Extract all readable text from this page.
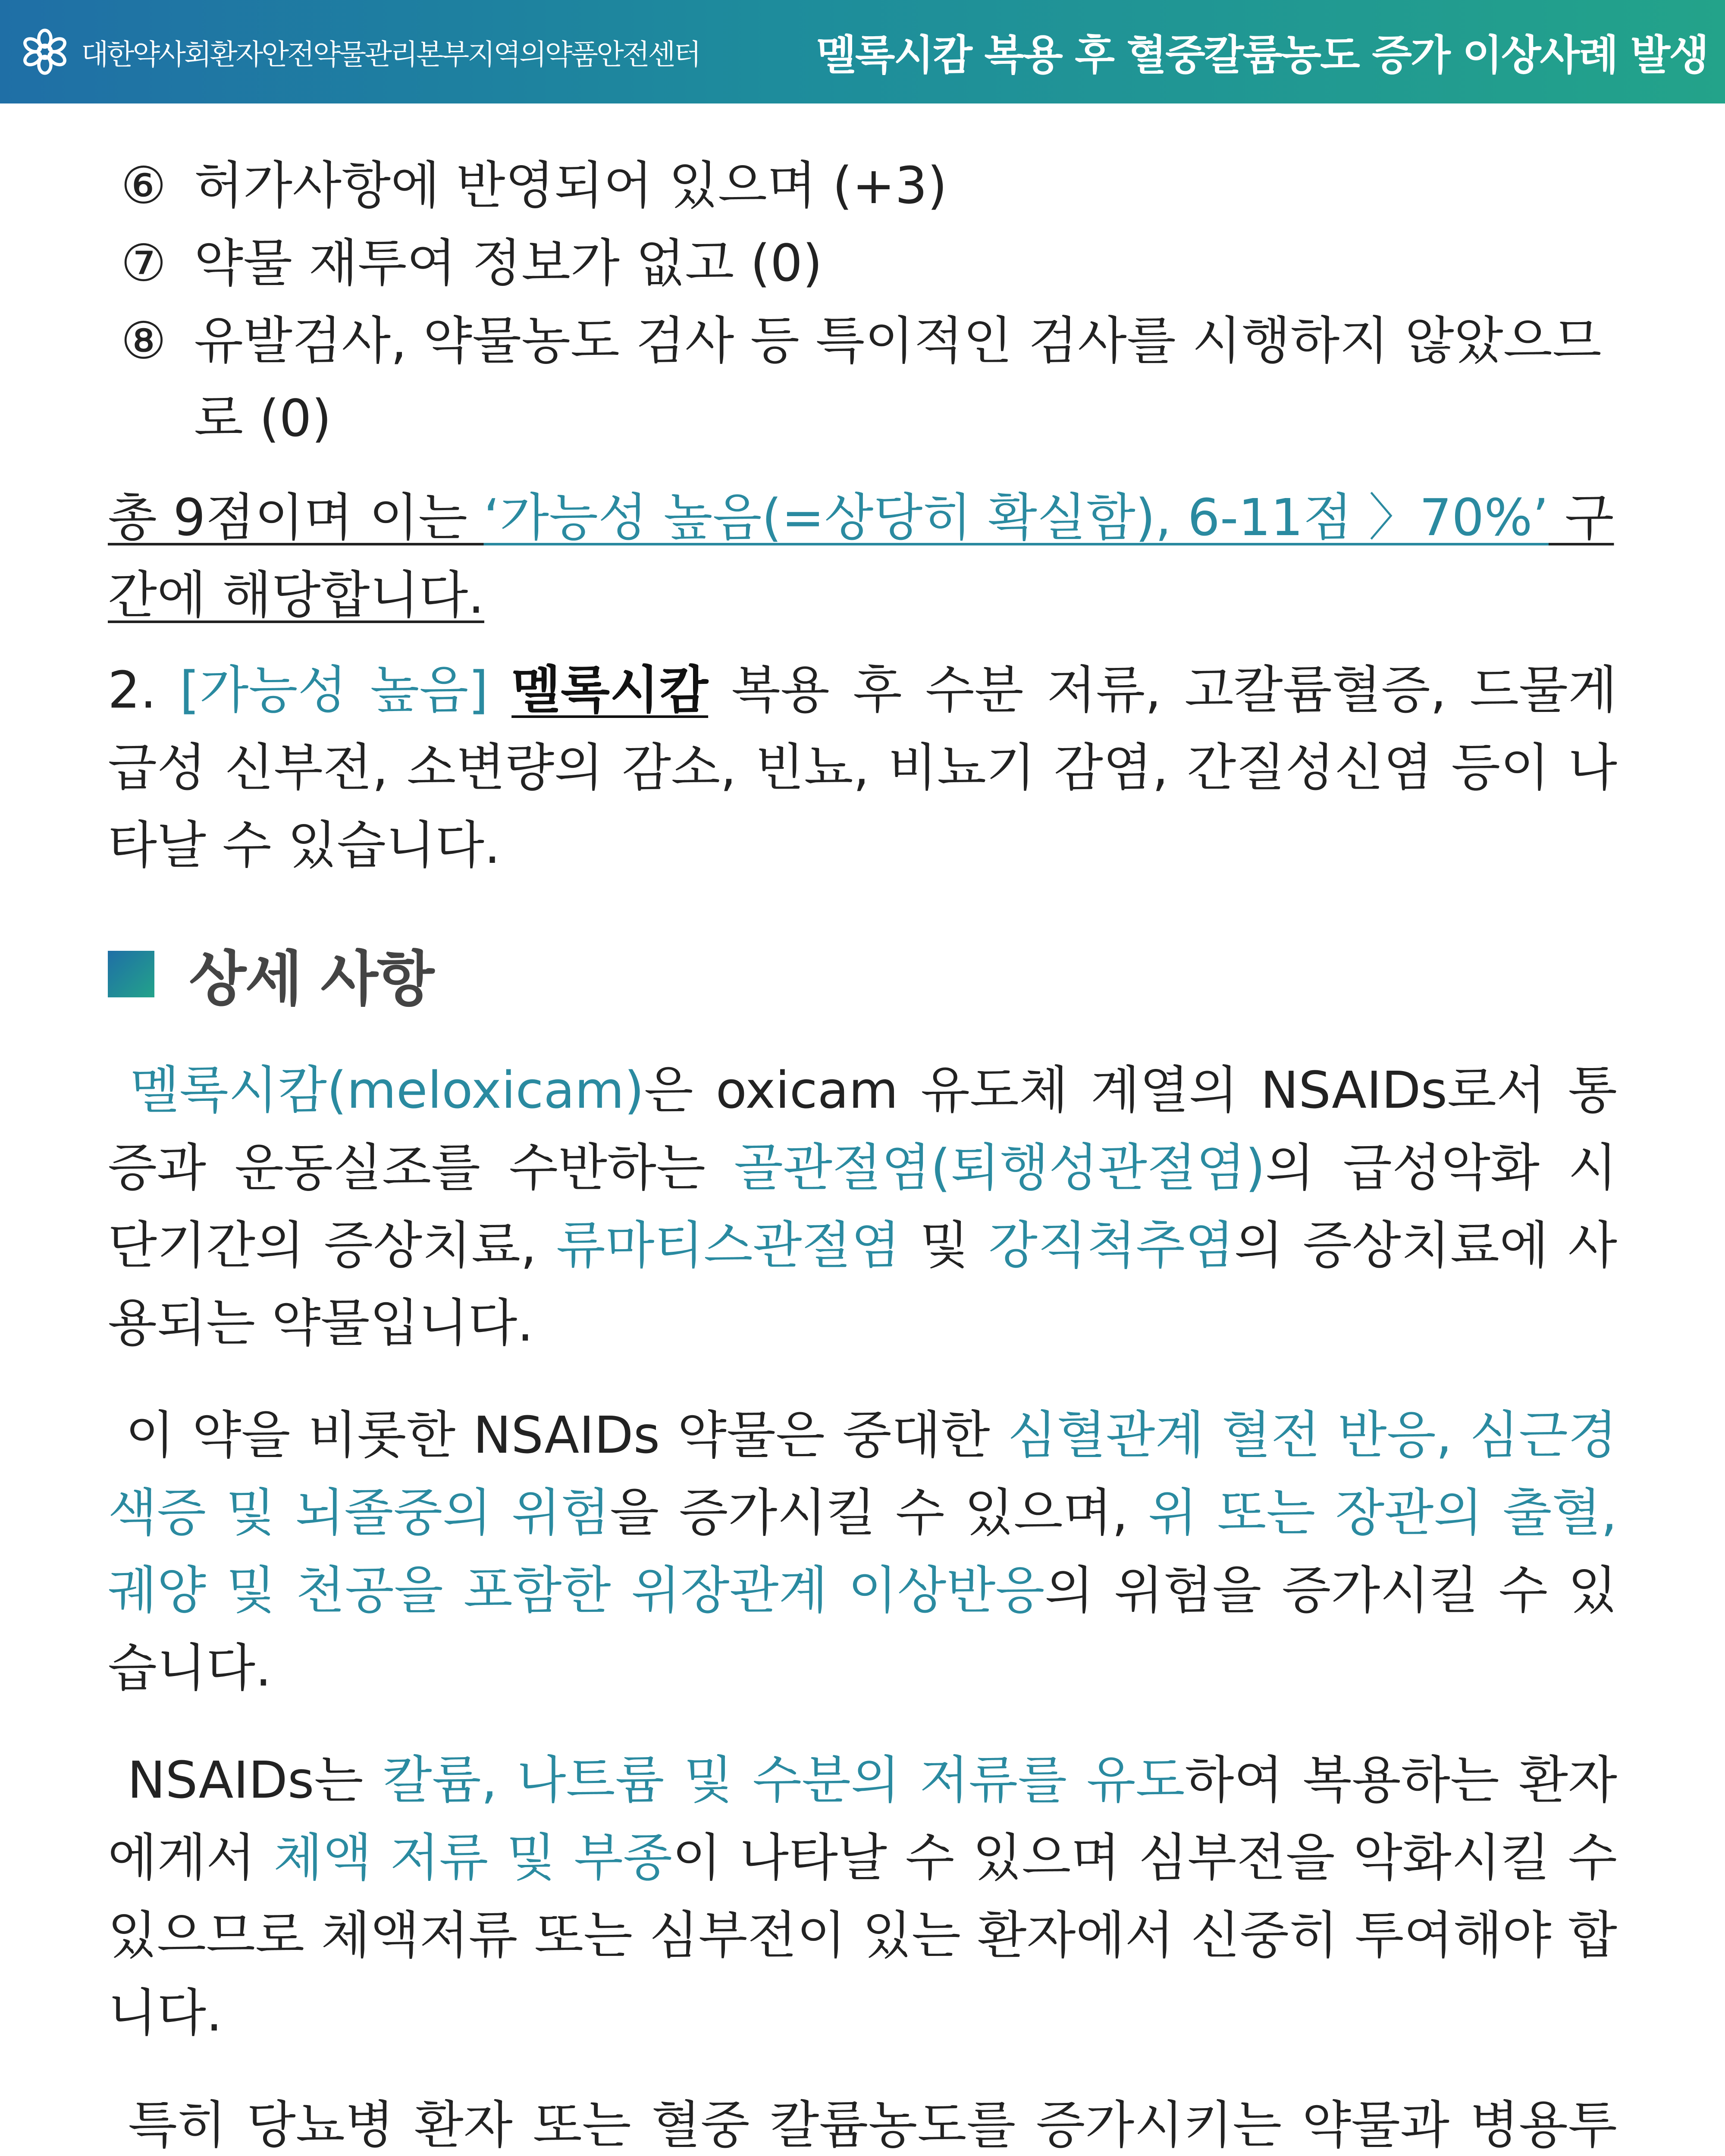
대한약사회환자안전약물관리본부지역의약품안전센터	멜록시캄 복용 후 혈중칼륨농도 증가 이상사례 발생
⑥ 허가사항에 반영되어 있으며 (+3)
⑦ 약물 재투여 정보가 없고 (0)
⑧ 유발검사, 약물농도 검사 등 특이적인 검사를 시행하지 않았으므로 (0)
총 9점이며 이는 ‘가능성 높음(=상당히 확실함), 6-11점 〉70%’ 구간에 해당합니다.
2. [가능성 높음] 멜록시캄 복용 후 수분 저류, 고칼륨혈증, 드물게 급성 신부전, 소변량의 감소, 빈뇨, 비뇨기 감염, 간질성신염 등이 나타날 수 있습니다.
상세 사항
멜록시캄(meloxicam)은 oxicam 유도체 계열의 NSAIDs로서 통증과 운동실조를 수반하는 골관절염(퇴행성관절염)의 급성악화 시 단기간의 증상치료, 류마티스관절염 및 강직척추염의 증상치료에 사용되는 약물입니다.
이 약을 비롯한 NSAIDs 약물은 중대한 심혈관계 혈전 반응, 심근경색증 및 뇌졸중의 위험을 증가시킬 수 있으며, 위 또는 장관의 출혈, 궤양 및 천공을 포함한 위장관계 이상반응의 위험을 증가시킬 수 있습니다.
NSAIDs는 칼륨, 나트륨 및 수분의 저류를 유도하여 복용하는 환자에게서 체액 저류 및 부종이 나타날 수 있으며 심부전을 악화시킬 수 있으므로 체액저류 또는 심부전이 있는 환자에서 신중히 투여해야 합니다.
특히 당뇨병 환자 또는 혈중 칼륨농도를 증가시키는 약물과 병용투
